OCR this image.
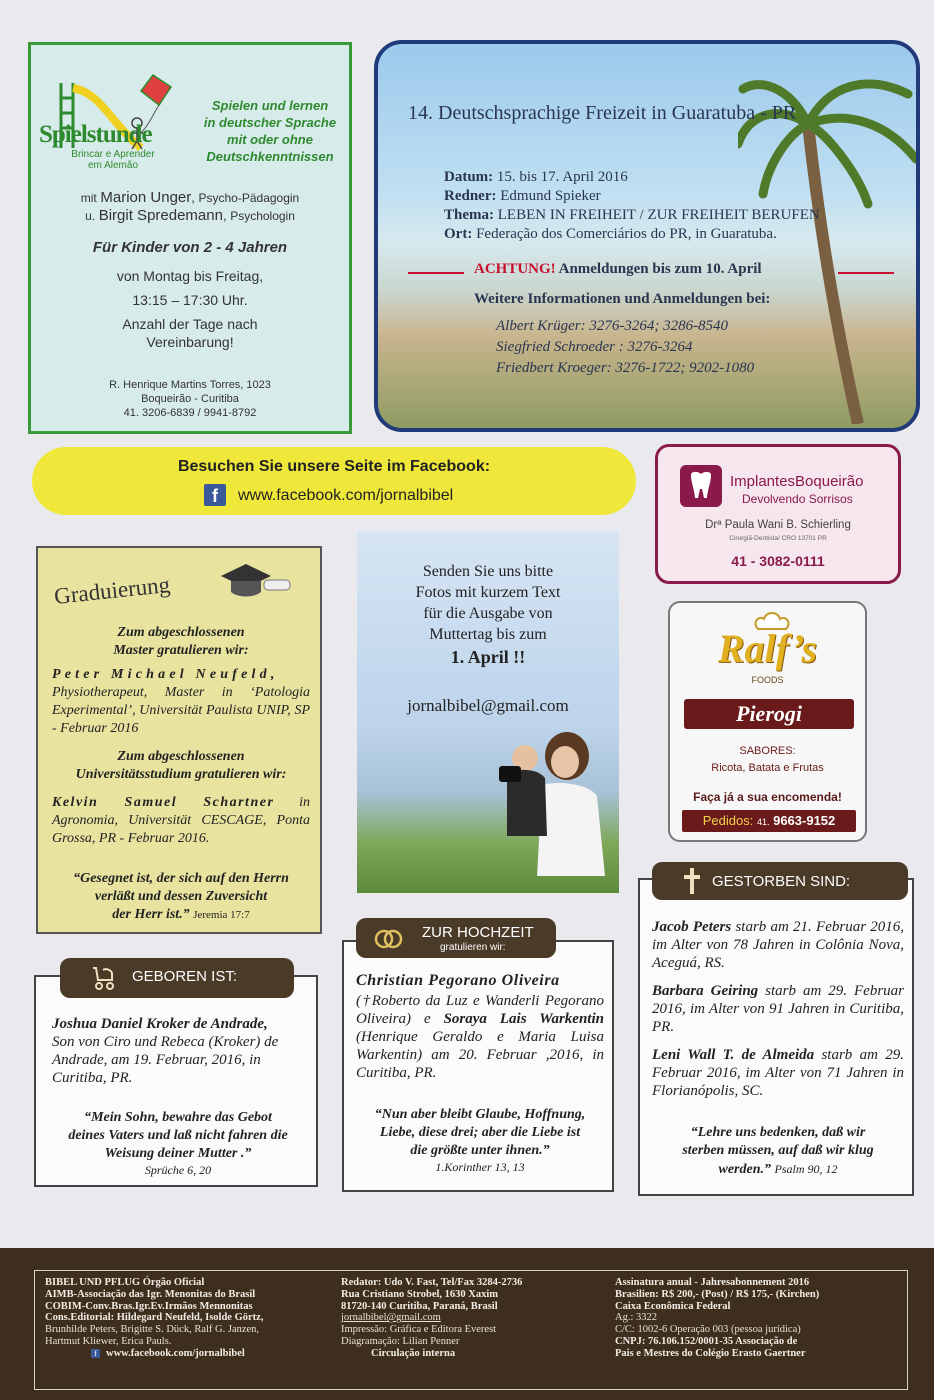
Spielstunde
Brincar e Aprender
em Alemão
Spielen und lernen
in deutscher Sprache
mit oder ohne
Deutschkenntnissen
mit Marion Unger, Psycho-Pädagogin
u. Birgit Spredemann, Psychologin
Für Kinder von 2 - 4 Jahren
von Montag bis Freitag,
13:15 – 17:30 Uhr.
Anzahl der Tage nach
Vereinbarung!
R. Henrique Martins Torres, 1023
Boqueirão - Curitiba
41. 3206-6839 / 9941-8792
14. Deutschsprachige Freizeit in Guaratuba - PR
Datum: 15. bis 17. April 2016
Redner: Edmund Spieker
Thema: LEBEN IN FREIHEIT / ZUR FREIHEIT BERUFEN
Ort: Federação dos Comerciários do PR, in Guaratuba.
ACHTUNG! Anmeldungen bis zum 10. April
Weitere Informationen und Anmeldungen bei:
Albert Krüger: 3276-3264; 3286-8540
Siegfried Schroeder : 3276-3264
Friedbert Kroeger: 3276-1722; 9202-1080
Besuchen Sie unsere Seite im Facebook:
f	www.facebook.com/jornalbibel
ImplantesBoqueirão
Devolvendo Sorrisos
Drª Paula Wani B. Schierling
Cirurgiã-Dentista/ CRO 13701 PR
41 - 3082-0111
Graduierung
Zum abgeschlossenen
Master gratulieren wir:
Peter Michael Neufeld,
Physiotherapeut, Master in ‘Patologia Experimental’, Universität Paulista UNIP, SP - Februar 2016
Zum abgeschlossenen
Universitätsstudium gratulieren wir:
Kelvin Samuel Schartner in Agronomia, Universität CESCAGE, Ponta Grossa, PR - Februar 2016.
“Gesegnet ist, der sich auf den Herrn
verläßt und dessen Zuversicht
der Herr ist.” Jeremia 17:7
Senden Sie uns bitte
Fotos mit kurzem Text
für die Ausgabe von
Muttertag bis zum
1. April !!
jornalbibel@gmail.com
Ralf’s
FOODS
Pierogi
SABORES:
Ricota, Batata e Frutas
Faça já a sua encomenda!
Pedidos: 41. 9663-9152
Joshua Daniel Kroker de Andrade,
Son von Ciro und Rebeca (Kroker) de Andrade, am 19. Februar, 2016, in Curitiba, PR.
“Mein Sohn, bewahre das Gebot
deines Vaters und laß nicht fahren die
Weisung deiner Mutter .”
Sprüche 6, 20
GEBOREN IST:	Christian Pegorano Oliveira
(†Roberto da Luz e Wanderli Pegorano Oliveira) e Soraya Lais Warkentin (Henrique Geraldo e Maria Luisa Warkentin) am 20. Februar ,2016, in Curitiba, PR.
“Nun aber bleibt Glaube, Hoffnung,
Liebe, diese drei; aber die Liebe ist
die größte unter ihnen.”
1.Korinther 13, 13
ZUR HOCHZEIT
gratulieren wir:
Jacob Peters starb am 21. Februar 2016, im Alter von 78 Jahren in Colônia Nova, Aceguá, RS.
Barbara Geiring starb am 29. Februar 2016, im Alter von 91 Jahren in Curitiba, PR.
Leni Wall T. de Almeida starb am 29. Februar 2016, im Alter von 71 Jahren in Florianópolis, SC.
“Lehre uns bedenken, daß wir
sterben müssen, auf daß wir klug
werden.” Psalm 90, 12
GESTORBEN SIND:
BIBEL UND PFLUG Órgão Oficial
AIMB-Associação das Igr. Menonitas do Brasil
COBIM-Conv.Bras.Igr.Ev.Irmãos Mennonitas
Cons.Editorial: Hildegard Neufeld, Isolde Görtz,
Brunhilde Peters, Brigitte S. Dück, Ralf G. Janzen,
Hartmut Kliewer, Erica Pauls.
f www.facebook.com/jornalbibel
Redator: Udo V. Fast, Tel/Fax 3284-2736
Rua Cristiano Strobel, 1630 Xaxim
81720-140 Curitiba, Paraná, Brasil
jornalbibel@gmail.com
Impressão: Gráfica e Editora Everest
Diagramação: Lilian Penner
Circulação interna
Assinatura anual - Jahresabonnement 2016
Brasilien: R$ 200,- (Post) / R$ 175,- (Kirchen)
Caixa Econômica Federal
Ag.: 3322
C/C: 1002-6 Operação 003 (pessoa jurídica)
CNPJ: 76.106.152/0001-35 Associação de
Pais e Mestres do Colégio Erasto Gaertner
